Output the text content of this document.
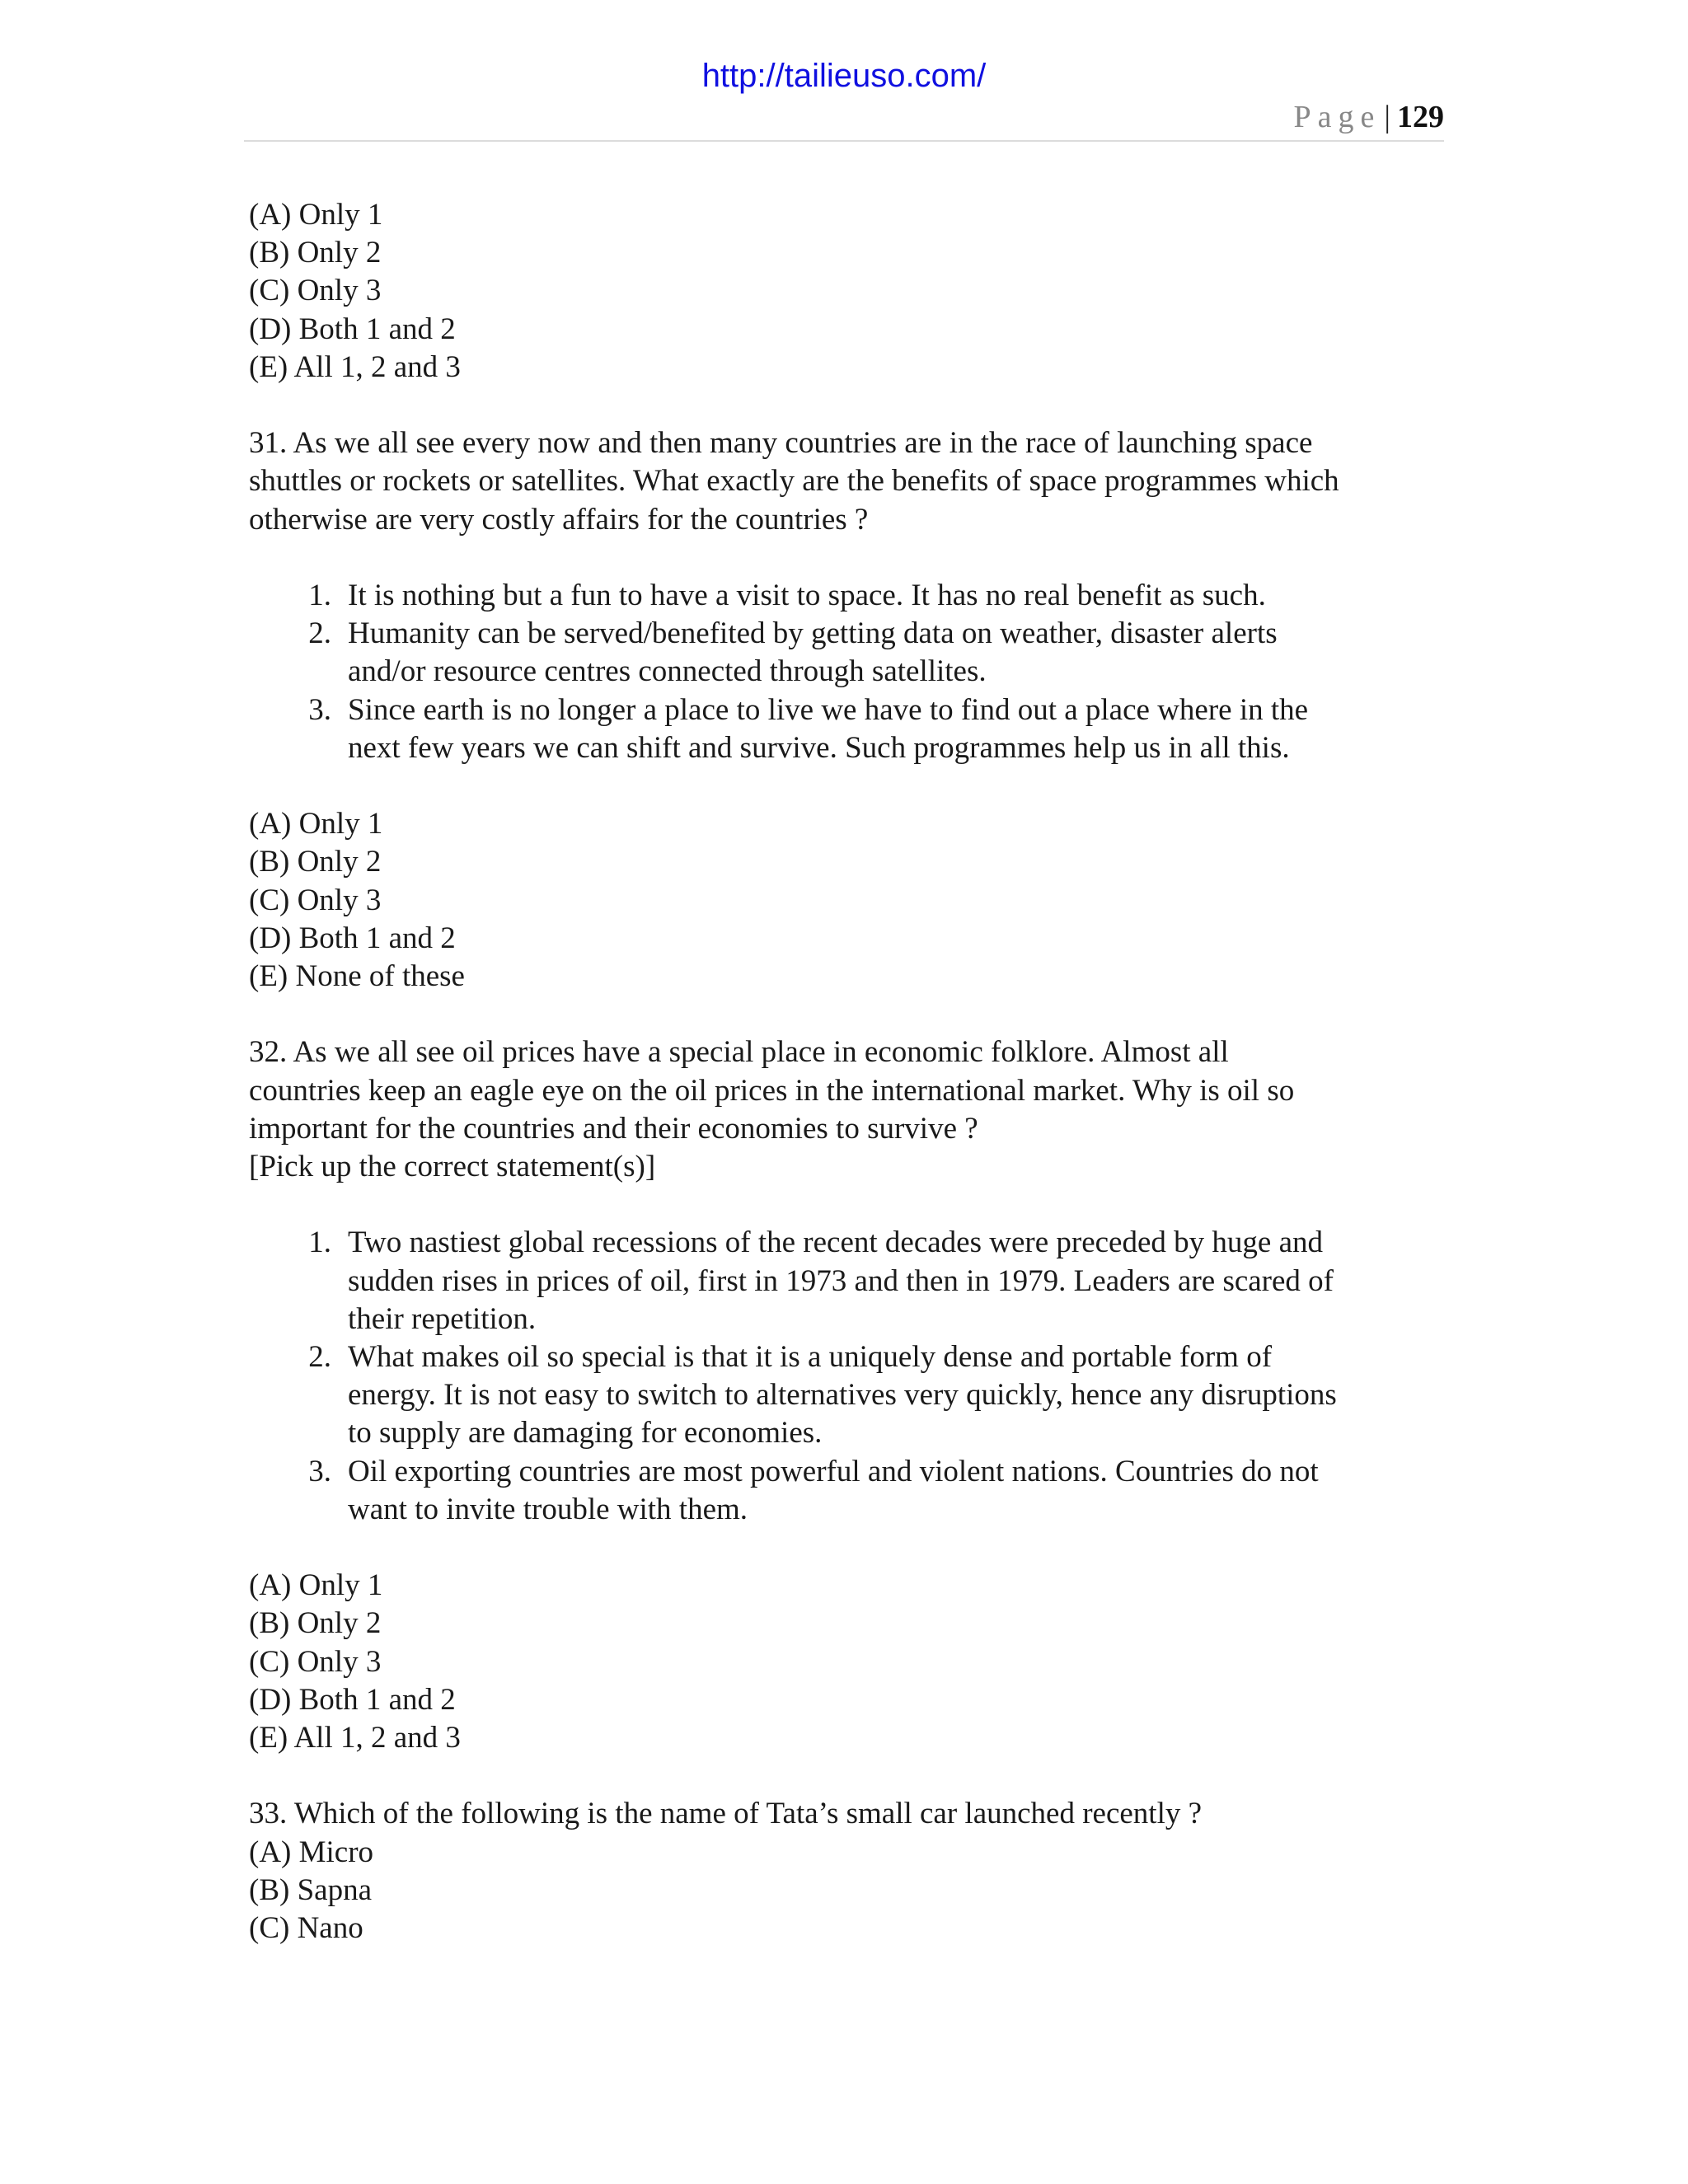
http://tailieuso.com/
Page | 129

(A) Only 1

(B) Only 2

(C) Only 3

(D) Both 1 and 2

(E) All 1, 2 and 3

31. As we all see every now and then many countries are in the race of launching space

shuttles or rockets or satellites. What exactly are the benefits of space programmes which

otherwise are very costly affairs for the countries ?

1. It is nothing but a fun to have a visit to space. It has no real benefit as such.
2. Humanity can be served/benefited by getting data on weather, disaster alerts
and/or resource centres connected through satellites.
3. Since earth is no longer a place to live we have to find out a place where in the
next few years we can shift and survive. Such programmes help us in all this.

(A) Only 1

(B) Only 2

(C) Only 3

(D) Both 1 and 2

(E) None of these

32. As we all see oil prices have a special place in economic folklore. Almost all

countries keep an eagle eye on the oil prices in the international market. Why is oil so

important for the countries and their economies to survive ?

[Pick up the correct statement(s)]

1. Two nastiest global recessions of the recent decades were preceded by huge and
sudden rises in prices of oil, first in 1973 and then in 1979. Leaders are scared of
their repetition.
2. What makes oil so special is that it is a uniquely dense and portable form of
energy. It is not easy to switch to alternatives very quickly, hence any disruptions
to supply are damaging for economies.
3. Oil exporting countries are most powerful and violent nations. Countries do not
want to invite trouble with them.

(A) Only 1

(B) Only 2

(C) Only 3

(D) Both 1 and 2

(E) All 1, 2 and 3

33. Which of the following is the name of Tata’s small car launched recently ?

(A) Micro

(B) Sapna

(C) Nano
